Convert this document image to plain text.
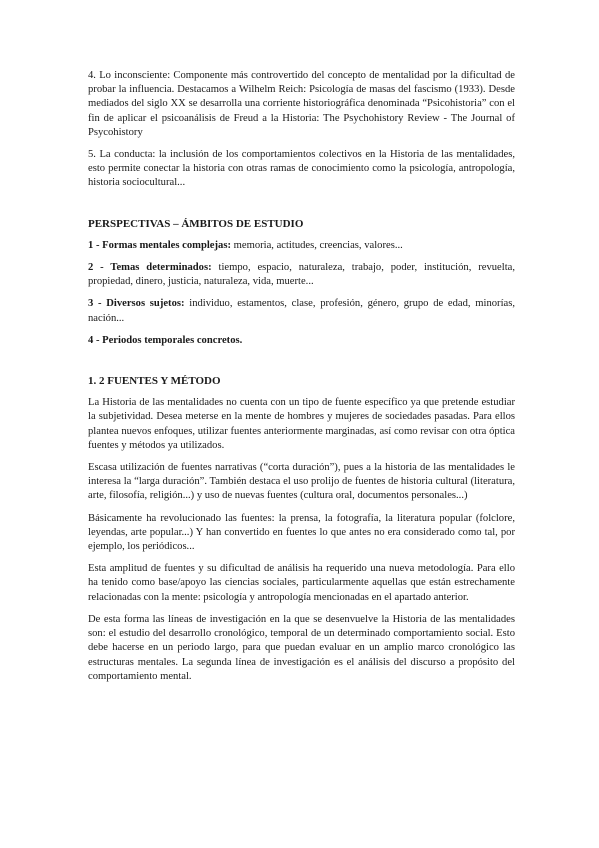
4. Lo inconsciente: Componente más controvertido del concepto de mentalidad por la dificultad de probar la influencia. Destacamos a Wilhelm Reich: Psicología de masas del fascismo (1933). Desde mediados del siglo XX se desarrolla una corriente historiográfica denominada “Psicohistoria” con el fin de aplicar el psicoanálisis de Freud a la Historia: The Psychohistory Review - The Journal of Psycohistory

5. La conducta: la inclusión de los comportamientos colectivos en la Historia de las mentalidades, esto permite conectar la historia con otras ramas de conocimiento como la psicología, antropología, historia sociocultural...

PERSPECTIVAS – ÁMBITOS DE ESTUDIO

1 - Formas mentales complejas: memoria, actitudes, creencias, valores...

2 - Temas determinados: tiempo, espacio, naturaleza, trabajo, poder, institución, revuelta, propiedad, dinero, justicia, naturaleza, vida, muerte...

3 - Diversos sujetos: individuo, estamentos, clase, profesión, género, grupo de edad, minorías, nación...

4 - Periodos temporales concretos.

1. 2 FUENTES Y MÉTODO

La Historia de las mentalidades no cuenta con un tipo de fuente específico ya que pretende estudiar la subjetividad. Desea meterse en la mente de hombres y mujeres de sociedades pasadas. Para ellos plantea nuevos enfoques, utilizar fuentes anteriormente marginadas, así como revisar con otra óptica fuentes y métodos ya utilizados.

Escasa utilización de fuentes narrativas (“corta duración”), pues a la historia de las mentalidades le interesa la “larga duración”. También destaca el uso prolijo de fuentes de historia cultural (literatura, arte, filosofía, religión...) y uso de nuevas fuentes (cultura oral, documentos personales...)

Básicamente ha revolucionado las fuentes: la prensa, la fotografía, la literatura popular (folclore, leyendas, arte popular...) Y han convertido en fuentes lo que antes no era considerado como tal, por ejemplo, los periódicos...

Esta amplitud de fuentes y su dificultad de análisis ha requerido una nueva metodología. Para ello ha tenido como base/apoyo las ciencias sociales, particularmente aquellas que están estrechamente relacionadas con la mente: psicología y antropología mencionadas en el apartado anterior.

De esta forma las líneas de investigación en la que se desenvuelve la Historia de las mentalidades son: el estudio del desarrollo cronológico, temporal de un determinado comportamiento social. Esto debe hacerse en un periodo largo, para que puedan evaluar en un amplio marco cronológico las estructuras mentales. La segunda línea de investigación es el análisis del discurso a propósito del comportamiento mental.
